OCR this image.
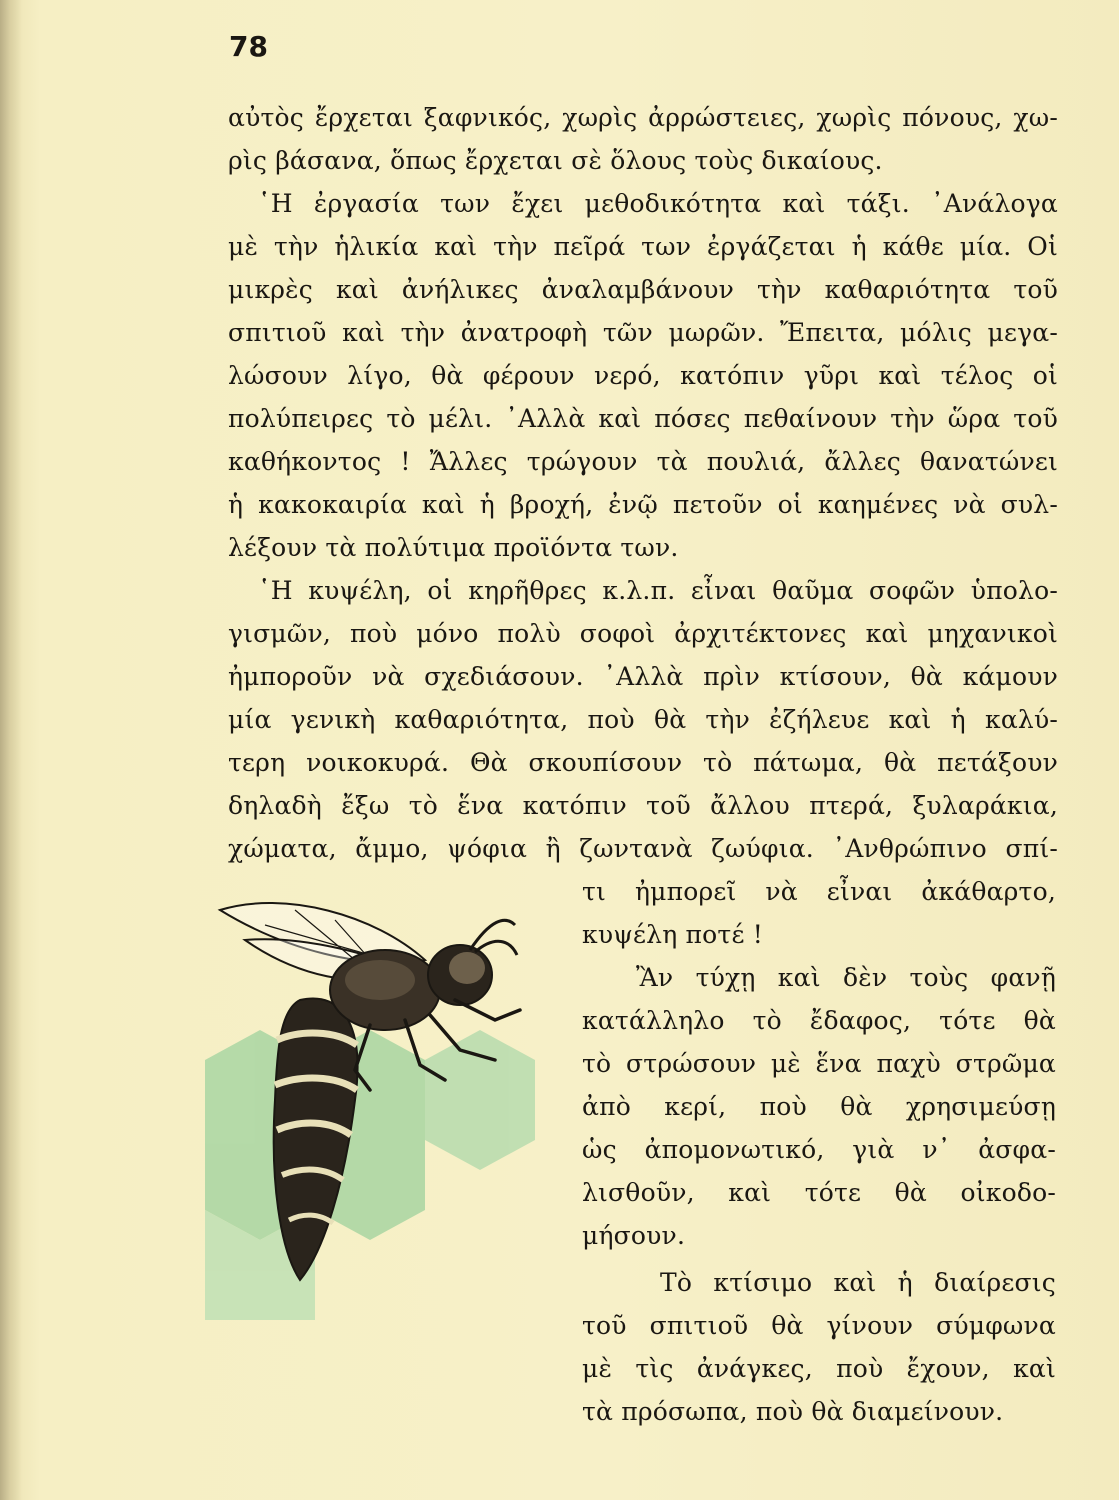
78
αὐτὸς ἔρχεται ξαφνικός, χωρὶς ἀρρώστειες, χωρὶς πόνους, χω-
ρὶς βάσανα, ὅπως ἔρχεται σὲ ὅλους τοὺς δικαίους.
῾Η ἐργασία των ἔχει μεθοδικότητα καὶ τάξι. ᾿Ανάλογα
μὲ τὴν ἡλικία καὶ τὴν πεῖρά των ἐργάζεται ἡ κάθε μία. Οἱ
μικρὲς καὶ ἀνήλικες ἀναλαμβάνουν τὴν καθαριότητα τοῦ
σπιτιοῦ καὶ τὴν ἀνατροφὴ τῶν μωρῶν. Ἔπειτα, μόλις μεγα-
λώσουν λίγο, θὰ φέρουν νερό, κατόπιν γῦρι καὶ τέλος οἱ
πολύπειρες τὸ μέλι. ᾿Αλλὰ καὶ πόσες πεθαίνουν τὴν ὥρα τοῦ
καθήκοντος ! Ἄλλες τρώγουν τὰ πουλιά, ἄλλες θανατώνει
ἡ κακοκαιρία καὶ ἡ βροχή, ἐνῷ πετοῦν οἱ καημένες νὰ συλ-
λέξουν τὰ πολύτιμα προϊόντα των.
῾Η κυψέλη, οἱ κηρῆθρες κ.λ.π. εἶναι θαῦμα σοφῶν ὑπολο-
γισμῶν, ποὺ μόνο πολὺ σοφοὶ ἀρχιτέκτονες καὶ μηχανικοὶ
ἠμποροῦν νὰ σχεδιάσουν. ᾿Αλλὰ πρὶν κτίσουν, θὰ κάμουν
μία γενικὴ καθαριότητα, ποὺ θὰ τὴν ἐζήλευε καὶ ἡ καλύ-
τερη νοικοκυρά. Θὰ σκουπίσουν τὸ πάτωμα, θὰ πετάξουν
δηλαδὴ ἔξω τὸ ἕνα κατόπιν τοῦ ἄλλου πτερά, ξυλαράκια,
χώματα, ἄμμο, ψόφια ἢ ζωντανὰ ζωύφια. ᾿Ανθρώπινο σπί-
τι ἠμπορεῖ νὰ εἶναι ἀκάθαρτο,
κυψέλη ποτέ !
Ἂν τύχῃ καὶ δὲν τοὺς φανῇ
κατάλληλο τὸ ἔδαφος, τότε θὰ
τὸ στρώσουν μὲ ἕνα παχὺ στρῶμα
ἀπὸ κερί, ποὺ θὰ χρησιμεύσῃ
ὡς ἀπομονωτικό, γιὰ ν᾿ ἀσφα-
λισθοῦν, καὶ τότε θὰ οἰκοδο-
μήσουν.
Τὸ κτίσιμο καὶ ἡ διαίρεσις
τοῦ σπιτιοῦ θὰ γίνουν σύμφωνα
μὲ τὶς ἀνάγκες, ποὺ ἔχουν, καὶ
τὰ πρόσωπα, ποὺ θὰ διαμείνουν.
